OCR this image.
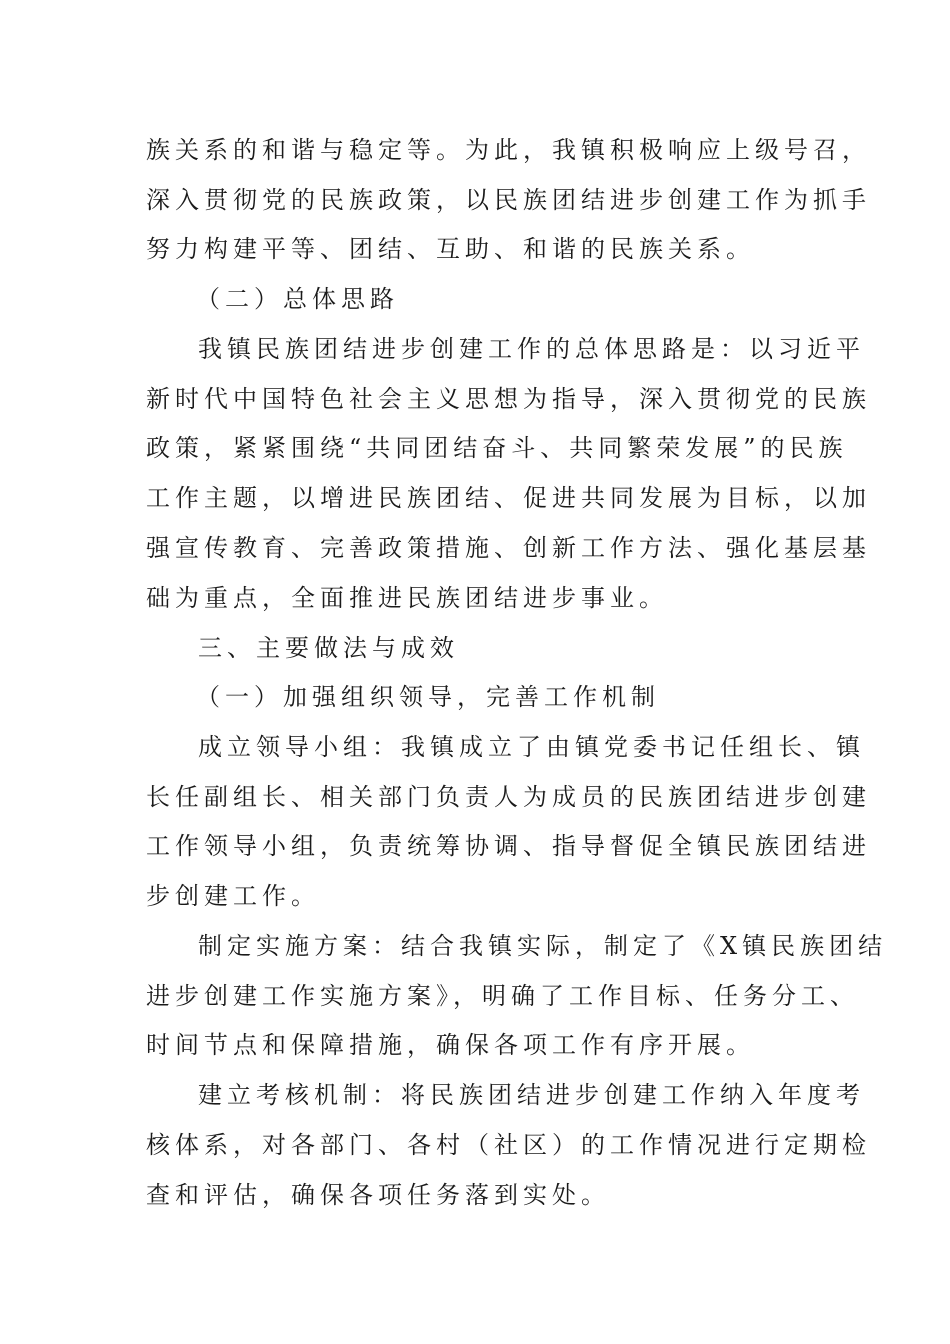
族关系的和谐与稳定等。为此，我镇积极响应上级号召，
深入贯彻党的民族政策，以民族团结进步创建工作为抓手
努力构建平等、团结、互助、和谐的民族关系。
（二）总体思路
我镇民族团结进步创建工作的总体思路是：以习近平
新时代中国特色社会主义思想为指导，深入贯彻党的民族
政策，紧紧围绕“共同团结奋斗、共同繁荣发展”的民族
工作主题，以增进民族团结、促进共同发展为目标，以加
强宣传教育、完善政策措施、创新工作方法、强化基层基
础为重点，全面推进民族团结进步事业。
三、主要做法与成效
（一）加强组织领导，完善工作机制
成立领导小组：我镇成立了由镇党委书记任组长、镇
长任副组长、相关部门负责人为成员的民族团结进步创建
工作领导小组，负责统筹协调、指导督促全镇民族团结进
步创建工作。
制定实施方案：结合我镇实际，制定了《X镇民族团结
进步创建工作实施方案》，明确了工作目标、任务分工、
时间节点和保障措施，确保各项工作有序开展。
建立考核机制：将民族团结进步创建工作纳入年度考
核体系，对各部门、各村（社区）的工作情况进行定期检
查和评估，确保各项任务落到实处。
